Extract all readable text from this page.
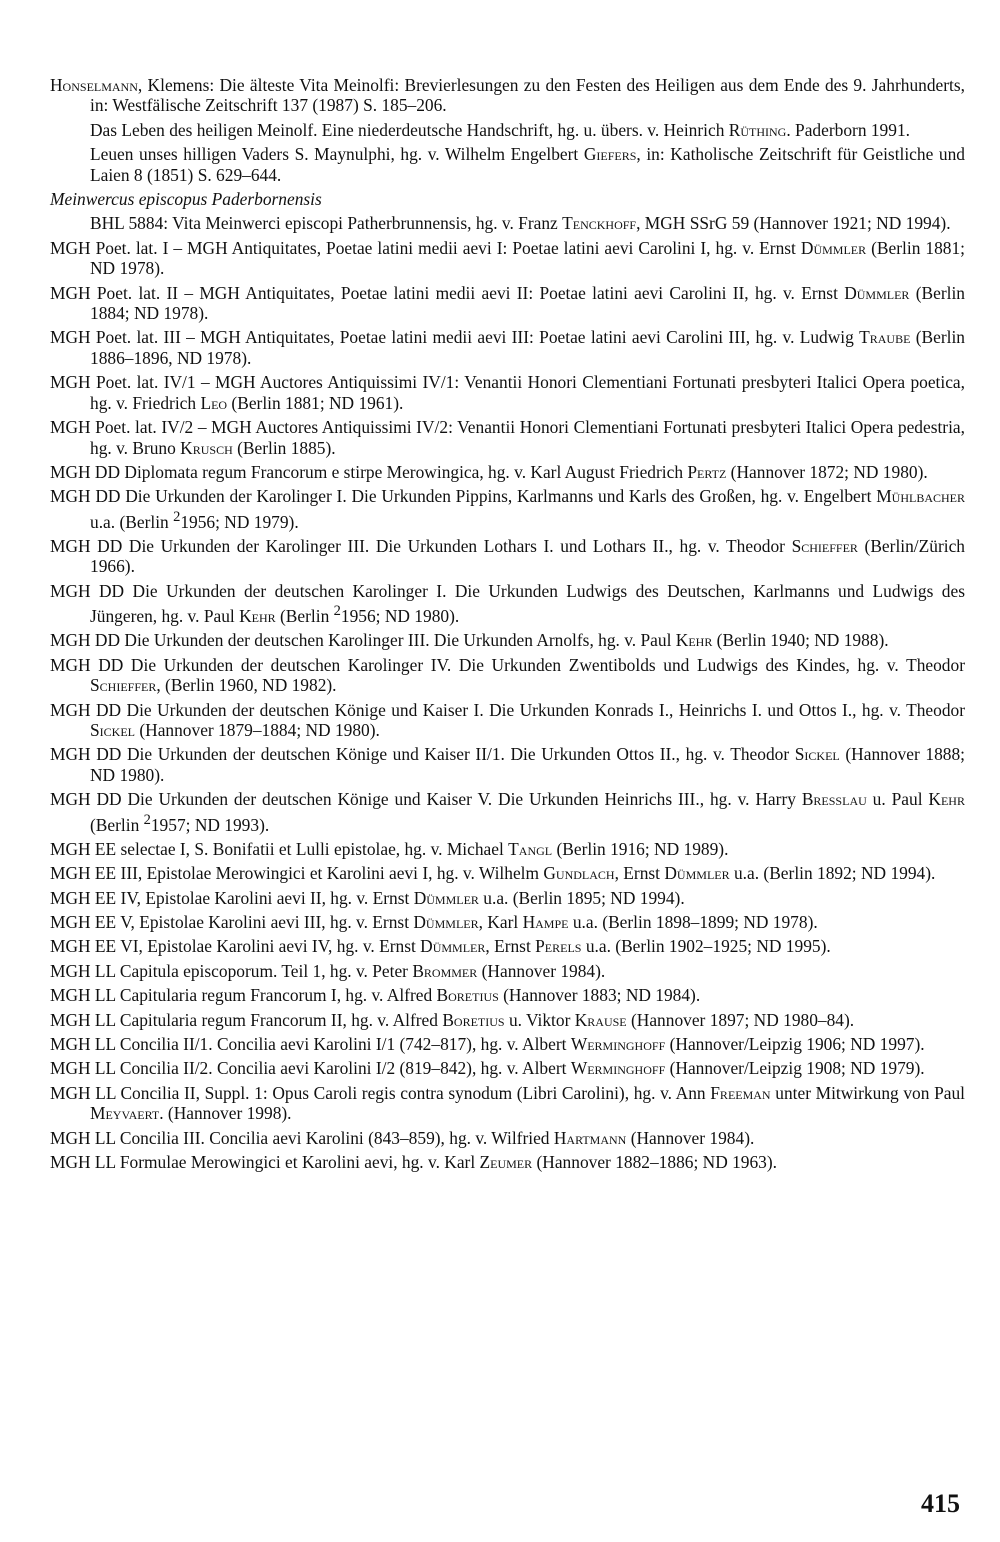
Honselmann, Klemens: Die älteste Vita Meinolfi: Brevierlesungen zu den Festen des Heiligen aus dem Ende des 9. Jahrhunderts, in: Westfälische Zeitschrift 137 (1987) S. 185–206.

Das Leben des heiligen Meinolf. Eine niederdeutsche Handschrift, hg. u. übers. v. Heinrich Rüthing. Paderborn 1991.

Leuen unses hilligen Vaders S. Maynulphi, hg. v. Wilhelm Engelbert Giefers, in: Katholische Zeitschrift für Geistliche und Laien 8 (1851) S. 629–644.

Meinwercus episcopus Paderbornensis

BHL 5884: Vita Meinwerci episcopi Patherbrunnensis, hg. v. Franz Tenckhoff, MGH SSrG 59 (Hannover 1921; ND 1994).

MGH Poet. lat. I – MGH Antiquitates, Poetae latini medii aevi I: Poetae latini aevi Carolini I, hg. v. Ernst Dümmler (Berlin 1881; ND 1978).

MGH Poet. lat. II – MGH Antiquitates, Poetae latini medii aevi II: Poetae latini aevi Carolini II, hg. v. Ernst Dümmler (Berlin 1884; ND 1978).

MGH Poet. lat. III – MGH Antiquitates, Poetae latini medii aevi III: Poetae latini aevi Carolini III, hg. v. Ludwig Traube (Berlin 1886–1896, ND 1978).

MGH Poet. lat. IV/1 – MGH Auctores Antiquissimi IV/1: Venantii Honori Clementiani Fortunati presbyteri Italici Opera poetica, hg. v. Friedrich Leo (Berlin 1881; ND 1961).

MGH Poet. lat. IV/2 – MGH Auctores Antiquissimi IV/2: Venantii Honori Clementiani Fortunati presbyteri Italici Opera pedestria, hg. v. Bruno Krusch (Berlin 1885).

MGH DD Diplomata regum Francorum e stirpe Merowingica, hg. v. Karl August Friedrich Pertz (Hannover 1872; ND 1980).

MGH DD Die Urkunden der Karolinger I. Die Urkunden Pippins, Karlmanns und Karls des Großen, hg. v. Engelbert Mühlbacher u.a. (Berlin $^2$1956; ND 1979).

MGH DD Die Urkunden der Karolinger III. Die Urkunden Lothars I. und Lothars II., hg. v. Theodor Schieffer (Berlin/Zürich 1966).

MGH DD Die Urkunden der deutschen Karolinger I. Die Urkunden Ludwigs des Deutschen, Karlmanns und Ludwigs des Jüngeren, hg. v. Paul Kehr (Berlin $^2$1956; ND 1980).

MGH DD Die Urkunden der deutschen Karolinger III. Die Urkunden Arnolfs, hg. v. Paul Kehr (Berlin 1940; ND 1988).

MGH DD Die Urkunden der deutschen Karolinger IV. Die Urkunden Zwentibolds und Ludwigs des Kindes, hg. v. Theodor Schieffer, (Berlin 1960, ND 1982).

MGH DD Die Urkunden der deutschen Könige und Kaiser I. Die Urkunden Konrads I., Heinrichs I. und Ottos I., hg. v. Theodor Sickel (Hannover 1879–1884; ND 1980).

MGH DD Die Urkunden der deutschen Könige und Kaiser II/1. Die Urkunden Ottos II., hg. v. Theodor Sickel (Hannover 1888; ND 1980).

MGH DD Die Urkunden der deutschen Könige und Kaiser V. Die Urkunden Heinrichs III., hg. v. Harry Bresslau u. Paul Kehr (Berlin $^2$1957; ND 1993).

MGH EE selectae I, S. Bonifatii et Lulli epistolae, hg. v. Michael Tangl (Berlin 1916; ND 1989).

MGH EE III, Epistolae Merowingici et Karolini aevi I, hg. v. Wilhelm Gundlach, Ernst Dümmler u.a. (Berlin 1892; ND 1994).

MGH EE IV, Epistolae Karolini aevi II, hg. v. Ernst Dümmler u.a. (Berlin 1895; ND 1994).

MGH EE V, Epistolae Karolini aevi III, hg. v. Ernst Dümmler, Karl Hampe u.a. (Berlin 1898–1899; ND 1978).

MGH EE VI, Epistolae Karolini aevi IV, hg. v. Ernst Dümmler, Ernst Perels u.a. (Berlin 1902–1925; ND 1995).

MGH LL Capitula episcoporum. Teil 1, hg. v. Peter Brommer (Hannover 1984).

MGH LL Capitularia regum Francorum I, hg. v. Alfred Boretius (Hannover 1883; ND 1984).

MGH LL Capitularia regum Francorum II, hg. v. Alfred Boretius u. Viktor Krause (Hannover 1897; ND 1980–84).

MGH LL Concilia II/1. Concilia aevi Karolini I/1 (742–817), hg. v. Albert Werminghoff (Hannover/Leipzig 1906; ND 1997).

MGH LL Concilia II/2. Concilia aevi Karolini I/2 (819–842), hg. v. Albert Werminghoff (Hannover/Leipzig 1908; ND 1979).

MGH LL Concilia II, Suppl. 1: Opus Caroli regis contra synodum (Libri Carolini), hg. v. Ann Freeman unter Mitwirkung von Paul Meyvaert. (Hannover 1998).

MGH LL Concilia III. Concilia aevi Karolini (843–859), hg. v. Wilfried Hartmann (Hannover 1984).

MGH LL Formulae Merowingici et Karolini aevi, hg. v. Karl Zeumer (Hannover 1882–1886; ND 1963).

415
